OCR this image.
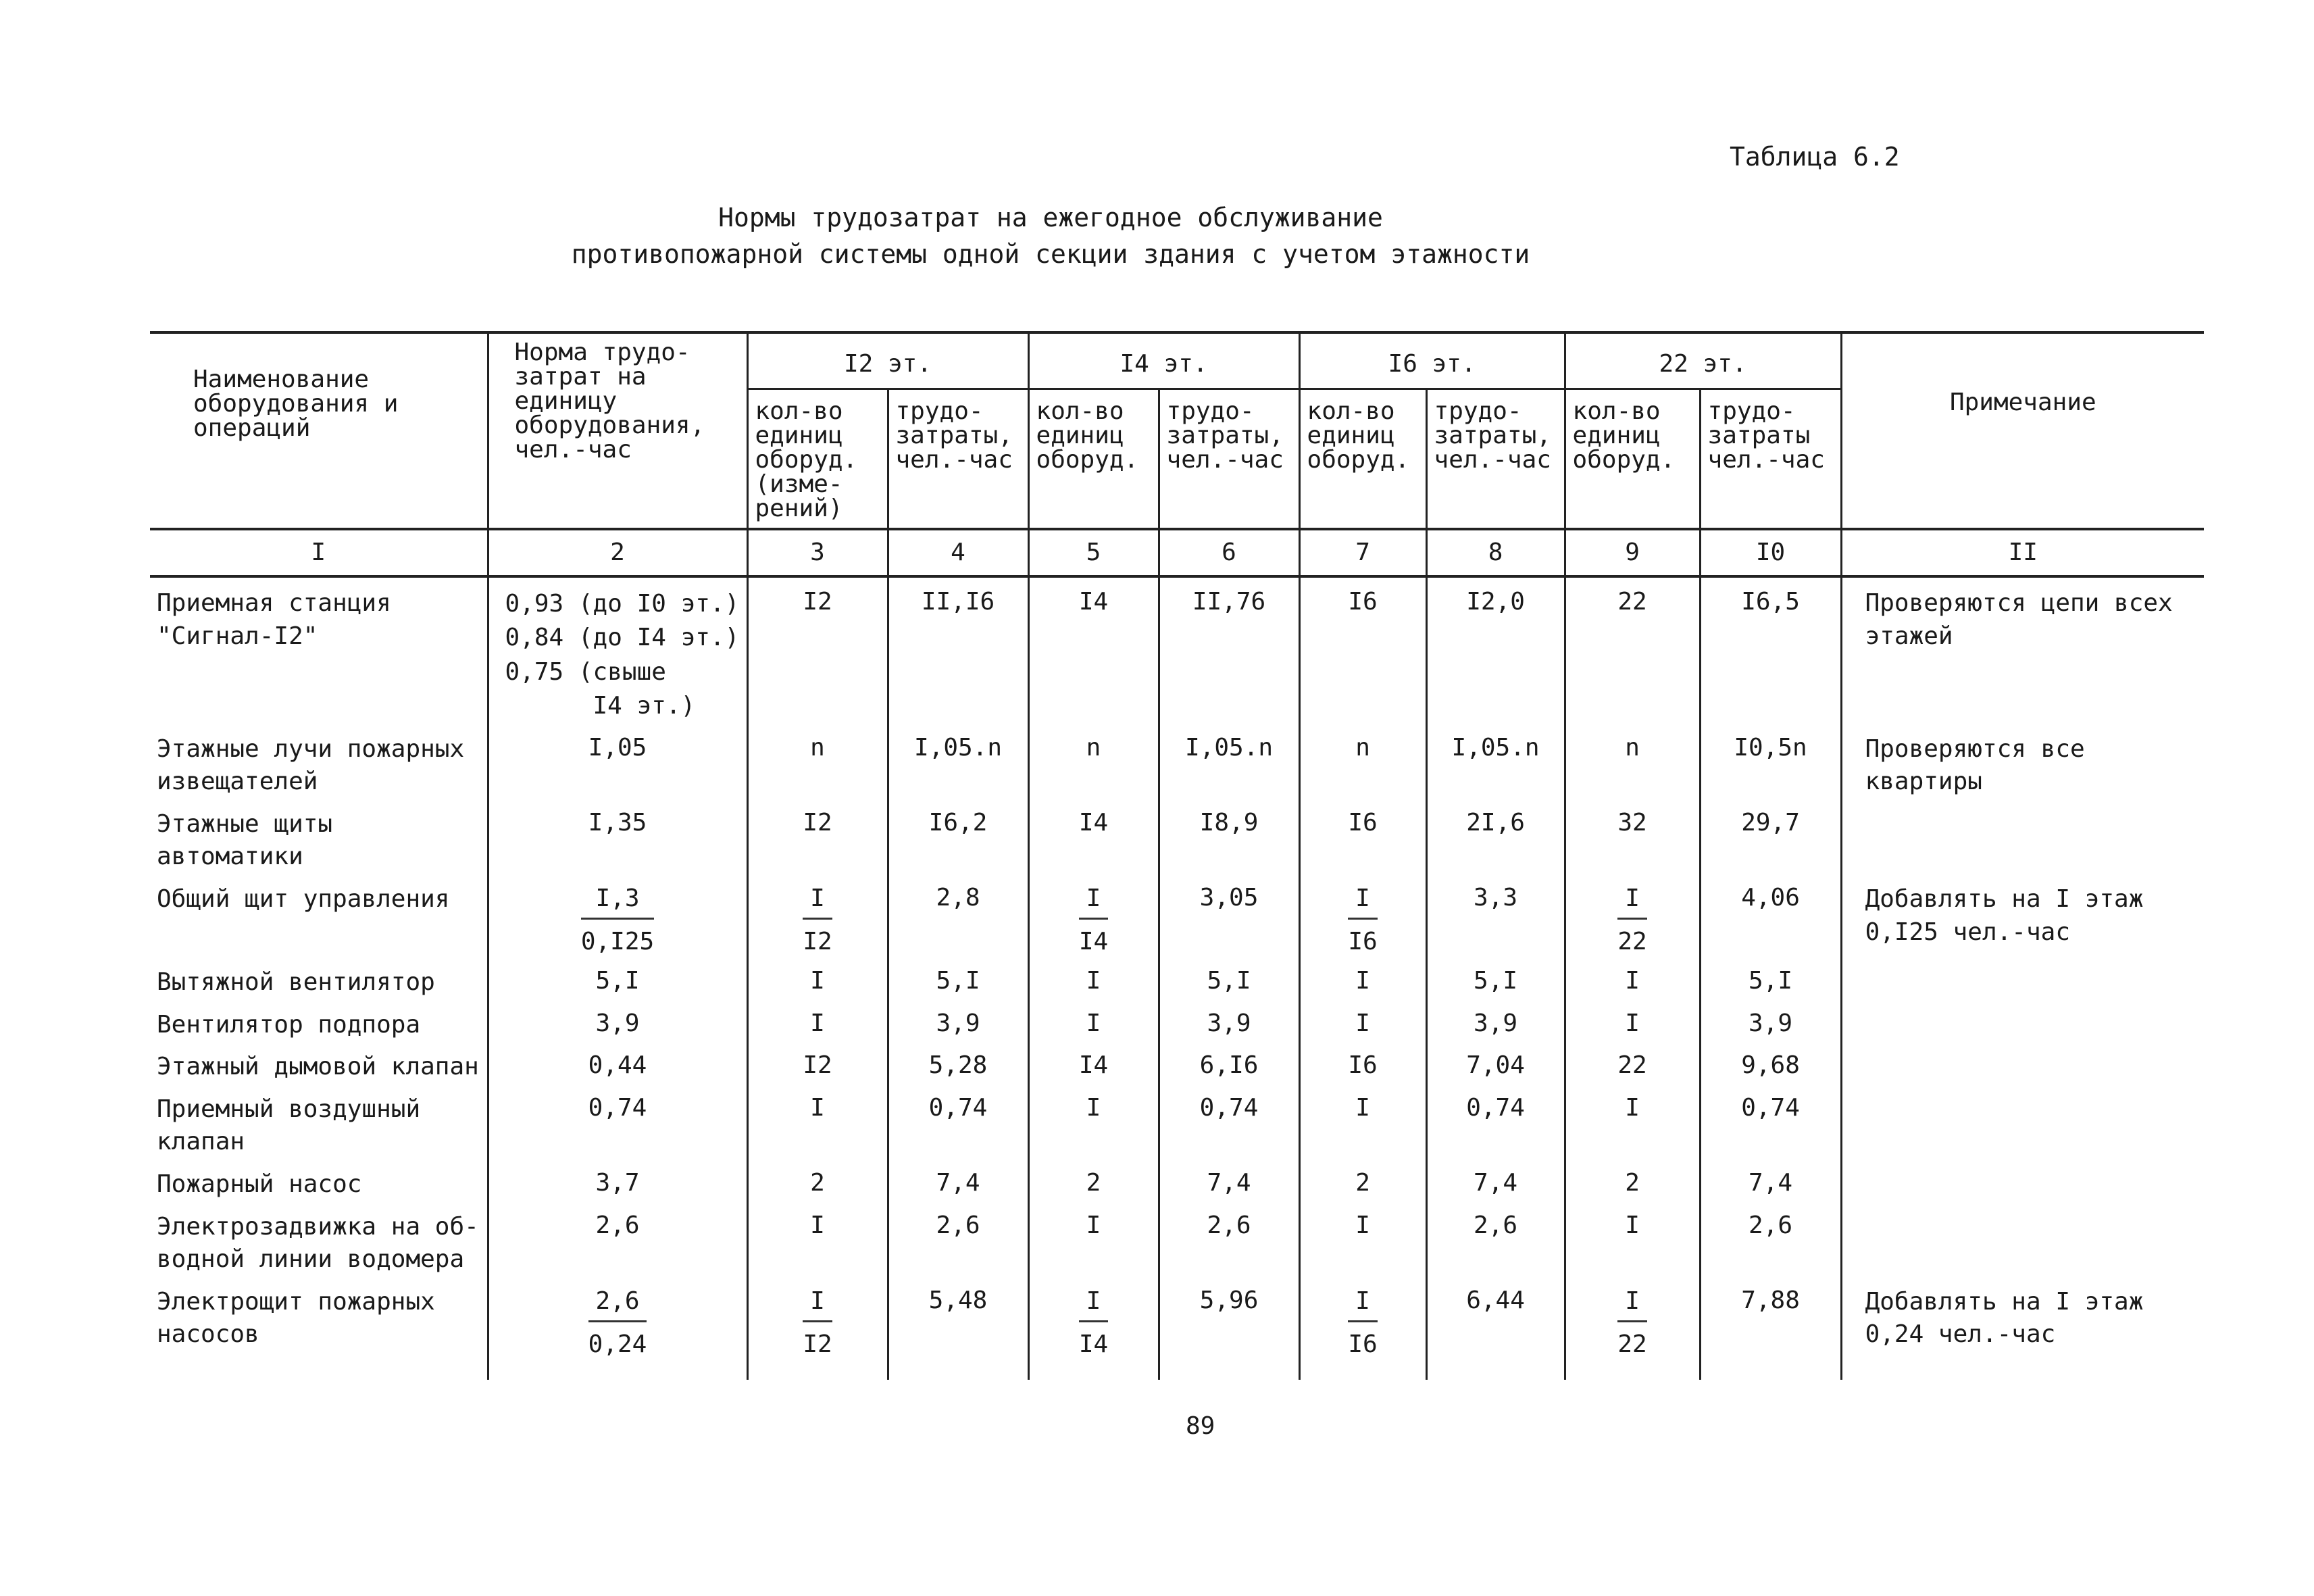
Таблица 6.2
Нормы трудозатрат на ежегодное обслуживание
противопожарной системы одной секции здания с учетом этажности
Наименование оборудования и операций	Норма трудо-затрат на единицу оборудования, чел.-час	I2 эт.		I4 эт.		I6 эт.		22 эт.		Примечание
		кол-во единиц оборуд. (изме-рений)	трудо-затраты, чел.-час	кол-во единиц оборуд.	трудо-затраты, чел.-час	кол-во единиц оборуд.	трудо-затраты, чел.-час	кол-во единиц оборуд.	трудо-затраты чел.-час	
I	2	3	4	5	6	7	8	9	I0	II
Приемная станция "Сигнал-I2"	0,93 (до I0 эт.)
0,84 (до I4 эт.)
0,75 (свыше
I4 эт.)	I2	II,I6	I4	II,76	I6	I2,0	22	I6,5	Проверяются цепи всех этажей
Этажные лучи пожарных извещателей	I,05	n	I,05.n	n	I,05.n	n	I,05.n	n	I0,5n	Проверяются все квартиры
Этажные щиты автоматики	I,35	I2	I6,2	I4	I8,9	I6	2I,6	32	29,7	
Общий щит управления	$\frac{I,3}{0,I25}$	$\frac{I}{I2}$	2,8	$\frac{I}{I4}$	3,05	$\frac{I}{I6}$	3,3	$\frac{I}{22}$	4,06	Добавлять на I этаж 0,I25 чел.-час
Вытяжной вентилятор	5,I	I	5,I	I	5,I	I	5,I	I	5,I	
Вентилятор подпора	3,9	I	3,9	I	3,9	I	3,9	I	3,9	
Этажный дымовой клапан	0,44	I2	5,28	I4	6,I6	I6	7,04	22	9,68	
Приемный воздушный клапан	0,74	I	0,74	I	0,74	I	0,74	I	0,74	
Пожарный насос	3,7	2	7,4	2	7,4	2	7,4	2	7,4	
Электрозадвижка на об-водной линии водомера	2,6	I	2,6	I	2,6	I	2,6	I	2,6	
Электрощит пожарных насосов	$\frac{2,6}{0,24}$	$\frac{I}{I2}$	5,48	$\frac{I}{I4}$	5,96	$\frac{I}{I6}$	6,44	$\frac{I}{22}$	7,88	Добавлять на I этаж 0,24 чел.-час

89
